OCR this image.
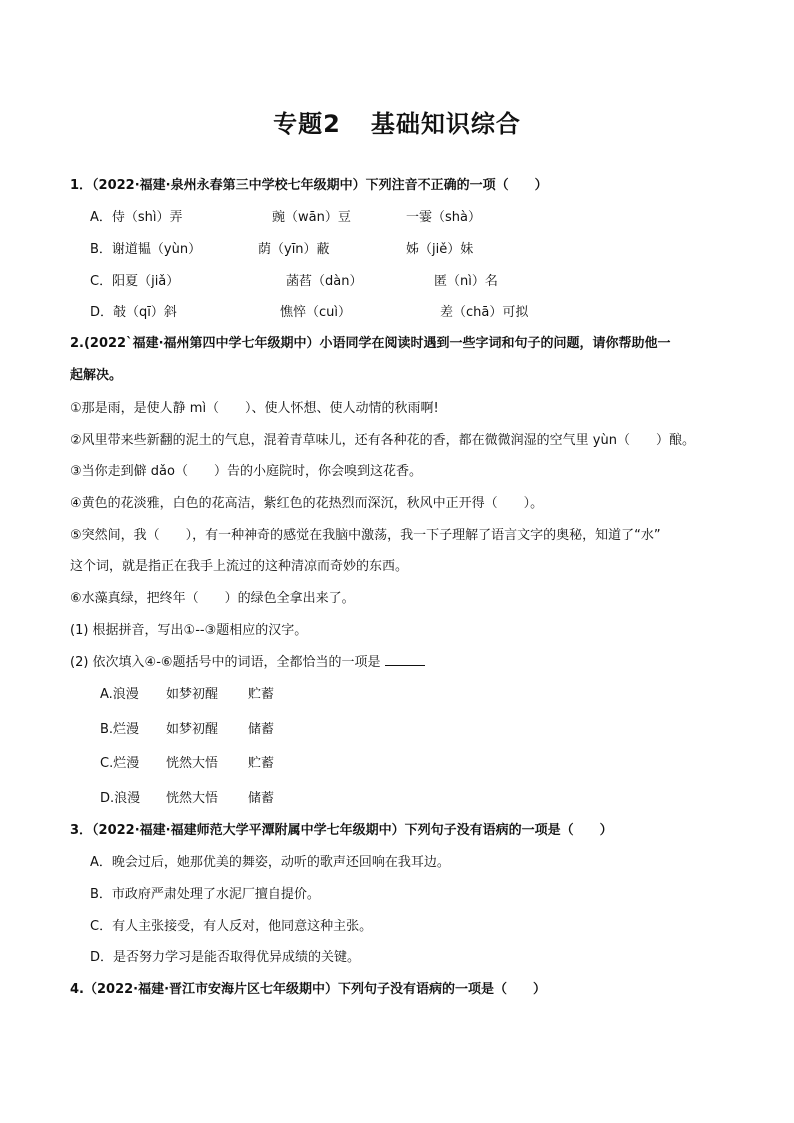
专题2 基础知识综合
1．（2022·福建·泉州永春第三中学校七年级期中）下列注音不正确的一项（　　）
A．侍（shì）弄	豌（wān）豆	一霎（shà）
B．谢道韫（yùn）	荫（yīn）蔽	姊（jiě）妹
C．阳夏（jiǎ）	菡萏（dàn）	匿（nì）名
D．攲（qī）斜	憔悴（cuì）	差（chā）可拟
2.(2022`福建·福州第四中学七年级期中）小语同学在阅读时遇到一些字词和句子的问题，请你帮助他一
起解决。
①那是雨，是使人静 mì（　　）、使人怀想、使人动情的秋雨啊!
②风里带来些新翻的泥土的气息，混着青草味儿，还有各种花的香，都在微微润湿的空气里 yùn（　　）酿。
③当你走到僻 dǎo（　　）告的小庭院时，你会嗅到这花香。
④黄色的花淡雅，白色的花高洁，紫红色的花热烈而深沉，秋风中正开得（　　）。
⑤突然间，我（　　），有一种神奇的感觉在我脑中激荡，我一下子理解了语言文字的奥秘，知道了“水”
这个词，就是指正在我手上流过的这种清凉而奇妙的东西。
⑥水藻真绿，把终年（　　）的绿色全拿出来了。
(1) 根据拼音，写出①--③题相应的汉字。
(2) 依次填入④-⑥题括号中的词语，全都恰当的一项是
A.浪漫 如梦初醒 贮蓄
B.烂漫 如梦初醒 储蓄
C.烂漫 恍然大悟 贮蓄
D.浪漫 恍然大悟 储蓄
3．（2022·福建·福建师范大学平潭附属中学七年级期中）下列句子没有语病的一项是（　　）
A．晚会过后，她那优美的舞姿，动听的歌声还回响在我耳边。
B．市政府严肃处理了水泥厂擅自提价。
C．有人主张接受，有人反对，他同意这种主张。
D．是否努力学习是能否取得优异成绩的关键。
4.（2022·福建·晋江市安海片区七年级期中）下列句子没有语病的一项是（　　）
